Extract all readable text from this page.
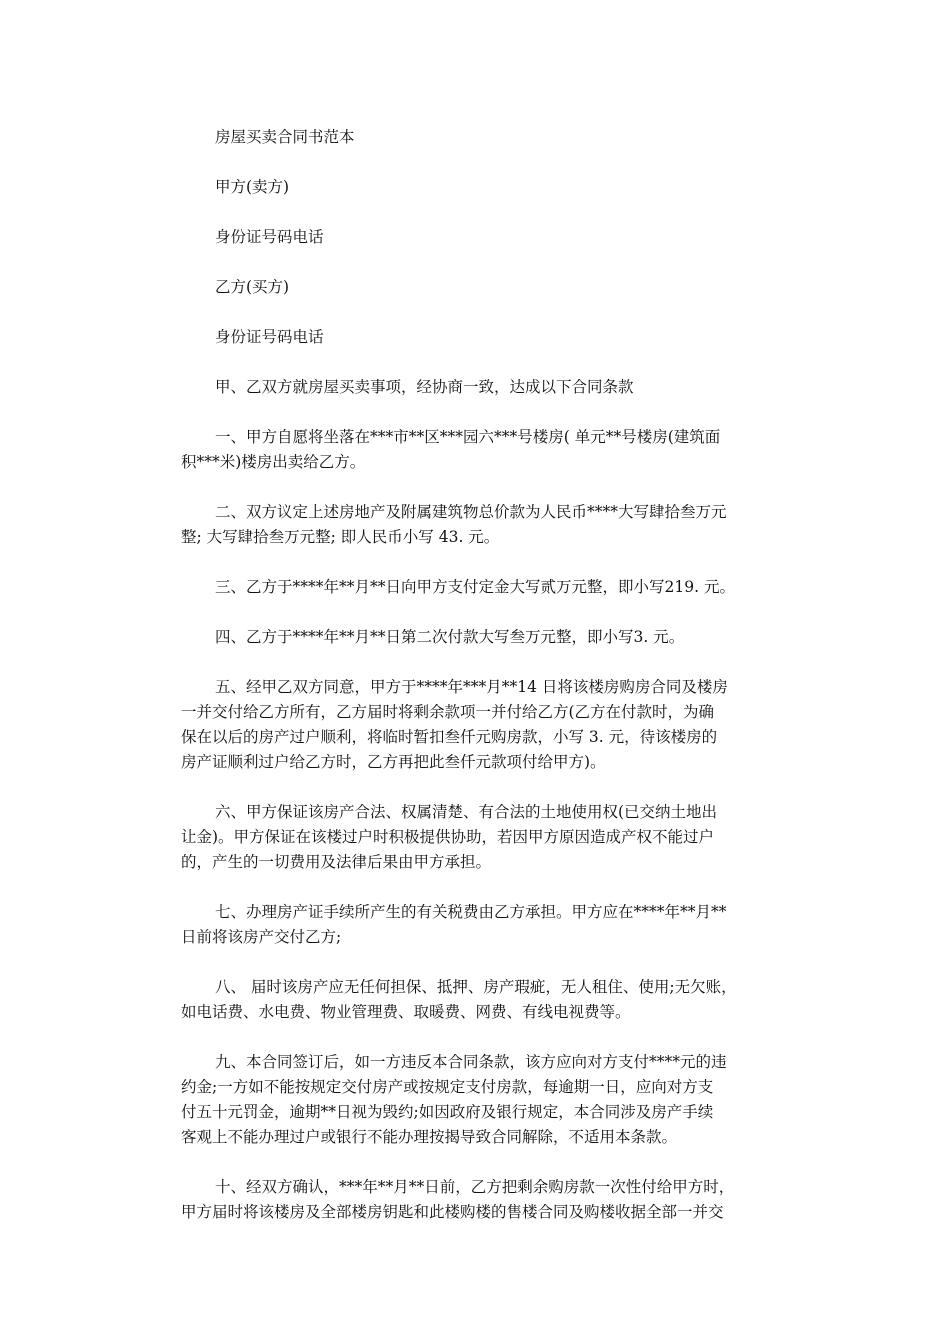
房屋买卖合同书范本
甲方(卖方)
身份证号码电话
乙方(买方)
身份证号码电话
甲、乙双方就房屋买卖事项，经协商一致，达成以下合同条款
一、甲方自愿将坐落在***市**区***园六***号楼房( 单元**号楼房(建筑面
积***米)楼房出卖给乙方。
二、双方议定上述房地产及附属建筑物总价款为人民币****大写肆拾叁万元
整; 大写肆拾叁万元整; 即人民币小写 43. 元。
三、乙方于****年**月**日向甲方支付定金大写贰万元整，即小写219. 元。
四、乙方于****年**月**日第二次付款大写叁万元整，即小写3. 元。
五、经甲乙双方同意，甲方于****年***月**14 日将该楼房购房合同及楼房
一并交付给乙方所有，乙方届时将剩余款项一并付给乙方(乙方在付款时，为确
保在以后的房产过户顺利，将临时暂扣叁仟元购房款，小写 3. 元，待该楼房的
房产证顺利过户给乙方时，乙方再把此叁仟元款项付给甲方)。
六、甲方保证该房产合法、权属清楚、有合法的土地使用权(已交纳土地出
让金)。甲方保证在该楼过户时积极提供协助，若因甲方原因造成产权不能过户
的，产生的一切费用及法律后果由甲方承担。
七、办理房产证手续所产生的有关税费由乙方承担。甲方应在****年**月**
日前将该房产交付乙方;
八、 届时该房产应无任何担保、抵押、房产瑕疵，无人租住、使用;无欠账，
如电话费、水电费、物业管理费、取暖费、网费、有线电视费等。
九、本合同签订后，如一方违反本合同条款，该方应向对方支付****元的违
约金;一方如不能按规定交付房产或按规定支付房款，每逾期一日，应向对方支
付五十元罚金，逾期**日视为毁约;如因政府及银行规定，本合同涉及房产手续
客观上不能办理过户或银行不能办理按揭导致合同解除，不适用本条款。
十、经双方确认，***年**月**日前，乙方把剩余购房款一次性付给甲方时，
甲方届时将该楼房及全部楼房钥匙和此楼购楼的售楼合同及购楼收据全部一并交
